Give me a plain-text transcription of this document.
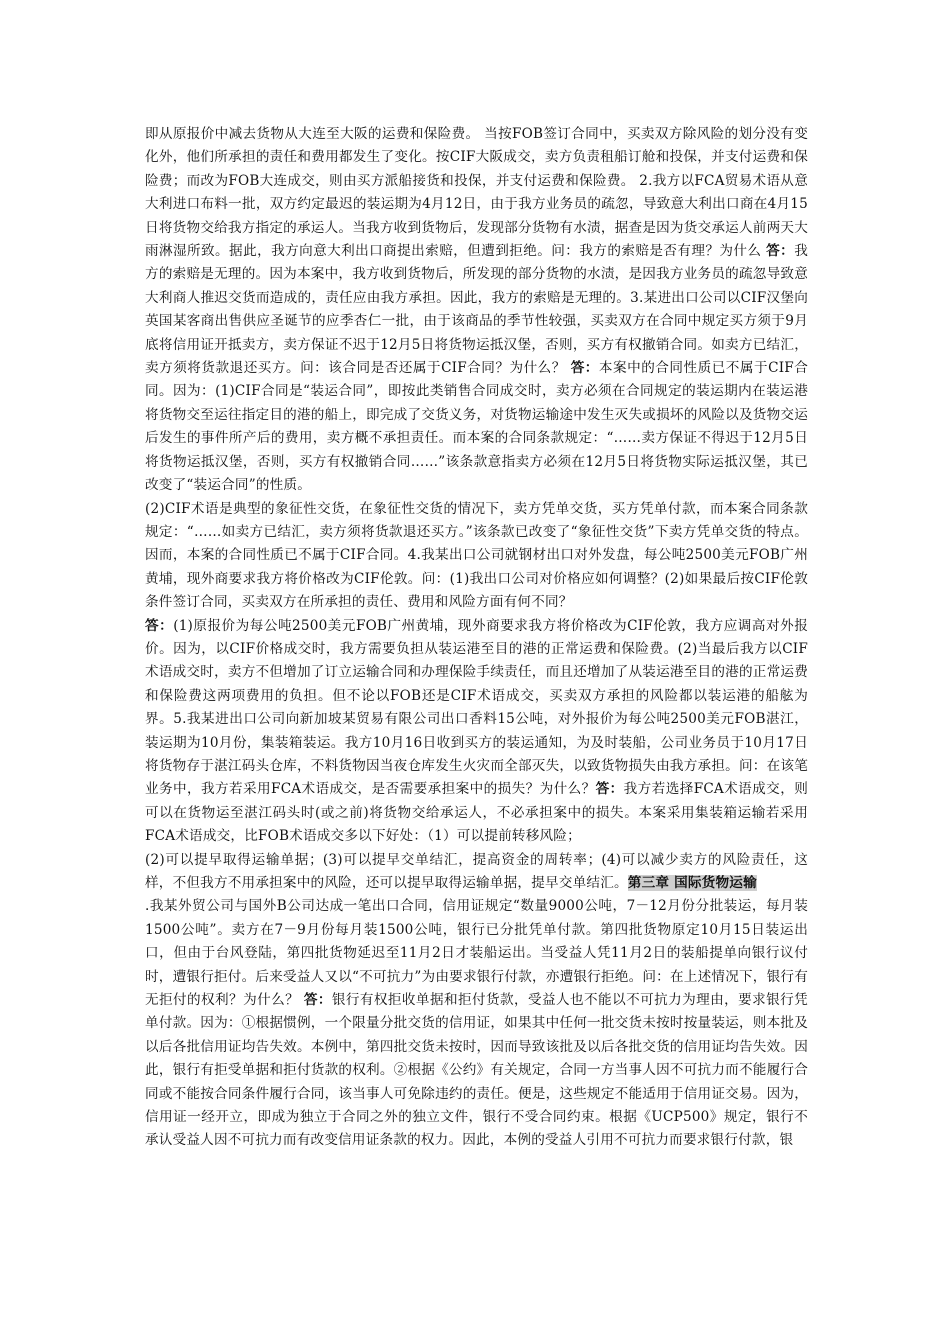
即从原报价中减去货物从大连至大阪的运费和保险费。 当按FOB签订合同中，买卖双方除风险的划分没有变化外，他们所承担的责任和费用都发生了变化。按CIF大阪成交，卖方负责租船订舱和投保，并支付运费和保险费；而改为FOB大连成交，则由买方派船接货和投保，并支付运费和保险费。 2.我方以FCA贸易术语从意大利进口布料一批，双方约定最迟的装运期为4月12日，由于我方业务员的疏忽，导致意大利出口商在4月15日将货物交给我方指定的承运人。当我方收到货物后，发现部分货物有水渍，据查是因为货交承运人前两天大雨淋湿所致。据此，我方向意大利出口商提出索赔，但遭到拒绝。问：我方的索赔是否有理？为什么 答：我方的索赔是无理的。因为本案中，我方收到货物后，所发现的部分货物的水渍，是因我方业务员的疏忽导致意大利商人推迟交货而造成的，责任应由我方承担。因此，我方的索赔是无理的。3.某进出口公司以CIF汉堡向英国某客商出售供应圣诞节的应季杏仁一批，由于该商品的季节性较强，买卖双方在合同中规定买方须于9月底将信用证开抵卖方，卖方保证不迟于12月5日将货物运抵汉堡，否则，买方有权撤销合同。如卖方已结汇，卖方须将货款退还买方。问：该合同是否还属于CIF合同？为什么？ 答：本案中的合同性质已不属于CIF合同。因为：(1)CIF合同是“装运合同”，即按此类销售合同成交时，卖方必须在合同规定的装运期内在装运港将货物交至运往指定目的港的船上，即完成了交货义务，对货物运输途中发生灭失或损坏的风险以及货物交运后发生的事件所产后的费用，卖方概不承担责任。而本案的合同条款规定：“……卖方保证不得迟于12月5日将货物运抵汉堡，否则，买方有权撤销合同……”该条款意指卖方必须在12月5日将货物实际运抵汉堡，其已改变了“装运合同”的性质。

(2)CIF术语是典型的象征性交货，在象征性交货的情况下，卖方凭单交货，买方凭单付款，而本案合同条款规定：“……如卖方已结汇，卖方须将货款退还买方。”该条款已改变了“象征性交货”下卖方凭单交货的特点。因而，本案的合同性质已不属于CIF合同。4.我某出口公司就钢材出口对外发盘，每公吨2500美元FOB广州黄埔，现外商要求我方将价格改为CIF伦敦。问：(1)我出口公司对价格应如何调整？(2)如果最后按CIF伦敦条件签订合同，买卖双方在所承担的责任、费用和风险方面有何不同？

答：(1)原报价为每公吨2500美元FOB广州黄埔，现外商要求我方将价格改为CIF伦敦，我方应调高对外报价。因为，以CIF价格成交时，我方需要负担从装运港至目的港的正常运费和保险费。(2)当最后我方以CIF术语成交时，卖方不但增加了订立运输合同和办理保险手续责任，而且还增加了从装运港至目的港的正常运费和保险费这两项费用的负担。但不论以FOB还是CIF术语成交，买卖双方承担的风险都以装运港的船舷为界。5.我某进出口公司向新加坡某贸易有限公司出口香料15公吨，对外报价为每公吨2500美元FOB湛江，装运期为10月份，集装箱装运。我方10月16日收到买方的装运通知，为及时装船，公司业务员于10月17日将货物存于湛江码头仓库，不料货物因当夜仓库发生火灾而全部灭失，以致货物损失由我方承担。问：在该笔业务中，我方若采用FCA术语成交，是否需要承担案中的损失？为什么？答：我方若选择FCA术语成交，则可以在货物运至湛江码头时(或之前)将货物交给承运人，不必承担案中的损失。本案采用集装箱运输若采用FCA术语成交，比FOB术语成交多以下好处：（1）可以提前转移风险；

(2)可以提早取得运输单据；(3)可以提早交单结汇，提高资金的周转率；(4)可以减少卖方的风险责任，这样，不但我方不用承担案中的风险，还可以提早取得运输单据，提早交单结汇。第三章 国际货物运输

.我某外贸公司与国外B公司达成一笔出口合同，信用证规定“数量9000公吨，7－12月份分批装运，每月装1500公吨”。卖方在7－9月份每月装1500公吨，银行已分批凭单付款。第四批货物原定10月15日装运出口，但由于台风登陆，第四批货物延迟至11月2日才装船运出。当受益人凭11月2日的装船提单向银行议付时，遭银行拒付。后来受益人又以“不可抗力”为由要求银行付款，亦遭银行拒绝。问：在上述情况下，银行有无拒付的权利？为什么？ 答：银行有权拒收单据和拒付货款，受益人也不能以不可抗力为理由，要求银行凭单付款。因为：①根据惯例，一个限量分批交货的信用证，如果其中任何一批交货未按时按量装运，则本批及以后各批信用证均告失效。本例中，第四批交货未按时，因而导致该批及以后各批交货的信用证均告失效。因此，银行有拒受单据和拒付货款的权利。②根据《公约》有关规定，合同一方当事人因不可抗力而不能履行合同或不能按合同条件履行合同，该当事人可免除违约的责任。便是，这些规定不能适用于信用证交易。因为，信用证一经开立，即成为独立于合同之外的独立文件，银行不受合同约束。根据《UCP500》规定，银行不承认受益人因不可抗力而有改变信用证条款的权力。因此，本例的受益人引用不可抗力而要求银行付款，银
